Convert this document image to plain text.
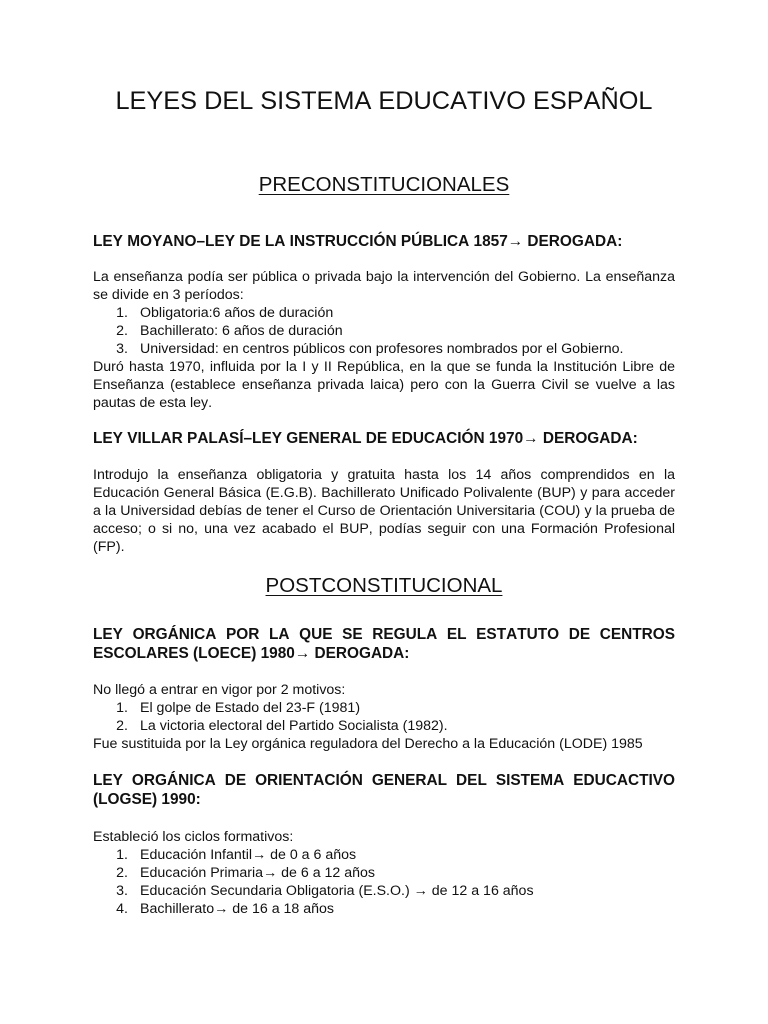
LEYES DEL SISTEMA EDUCATIVO ESPAÑOL
PRECONSTITUCIONALES
LEY MOYANO–LEY DE LA INSTRUCCIÓN PÚBLICA 1857→ DEROGADA:

La enseñanza podía ser pública o privada bajo la intervención del Gobierno. La enseñanza se divide en 3 períodos:

1. Obligatoria:6 años de duración
2. Bachillerato: 6 años de duración
3. Universidad: en centros públicos con profesores nombrados por el Gobierno.

Duró hasta 1970, influida por la I y II República, en la que se funda la Institución Libre de Enseñanza (establece enseñanza privada laica) pero con la Guerra Civil se vuelve a las pautas de esta ley.

LEY VILLAR PALASÍ–LEY GENERAL DE EDUCACIÓN 1970→ DEROGADA:

Introdujo la enseñanza obligatoria y gratuita hasta los 14 años comprendidos en la Educación General Básica (E.G.B). Bachillerato Unificado Polivalente (BUP) y para acceder a la Universidad debías de tener el Curso de Orientación Universitaria (COU) y la prueba de acceso; o si no, una vez acabado el BUP, podías seguir con una Formación Profesional (FP).

POSTCONSTITUCIONAL
LEY ORGÁNICA POR LA QUE SE REGULA EL ESTATUTO DE CENTROS ESCOLARES (LOECE) 1980→ DEROGADA:

No llegó a entrar en vigor por 2 motivos:

1. El golpe de Estado del 23-F (1981)
2. La victoria electoral del Partido Socialista (1982).

Fue sustituida por la Ley orgánica reguladora del Derecho a la Educación (LODE) 1985

LEY ORGÁNICA DE ORIENTACIÓN GENERAL DEL SISTEMA EDUCACTIVO (LOGSE) 1990:

Estableció los ciclos formativos:

1. Educación Infantil→ de 0 a 6 años
2. Educación Primaria→ de 6 a 12 años
3. Educación Secundaria Obligatoria (E.S.O.) → de 12 a 16 años
4. Bachillerato→ de 16 a 18 años
